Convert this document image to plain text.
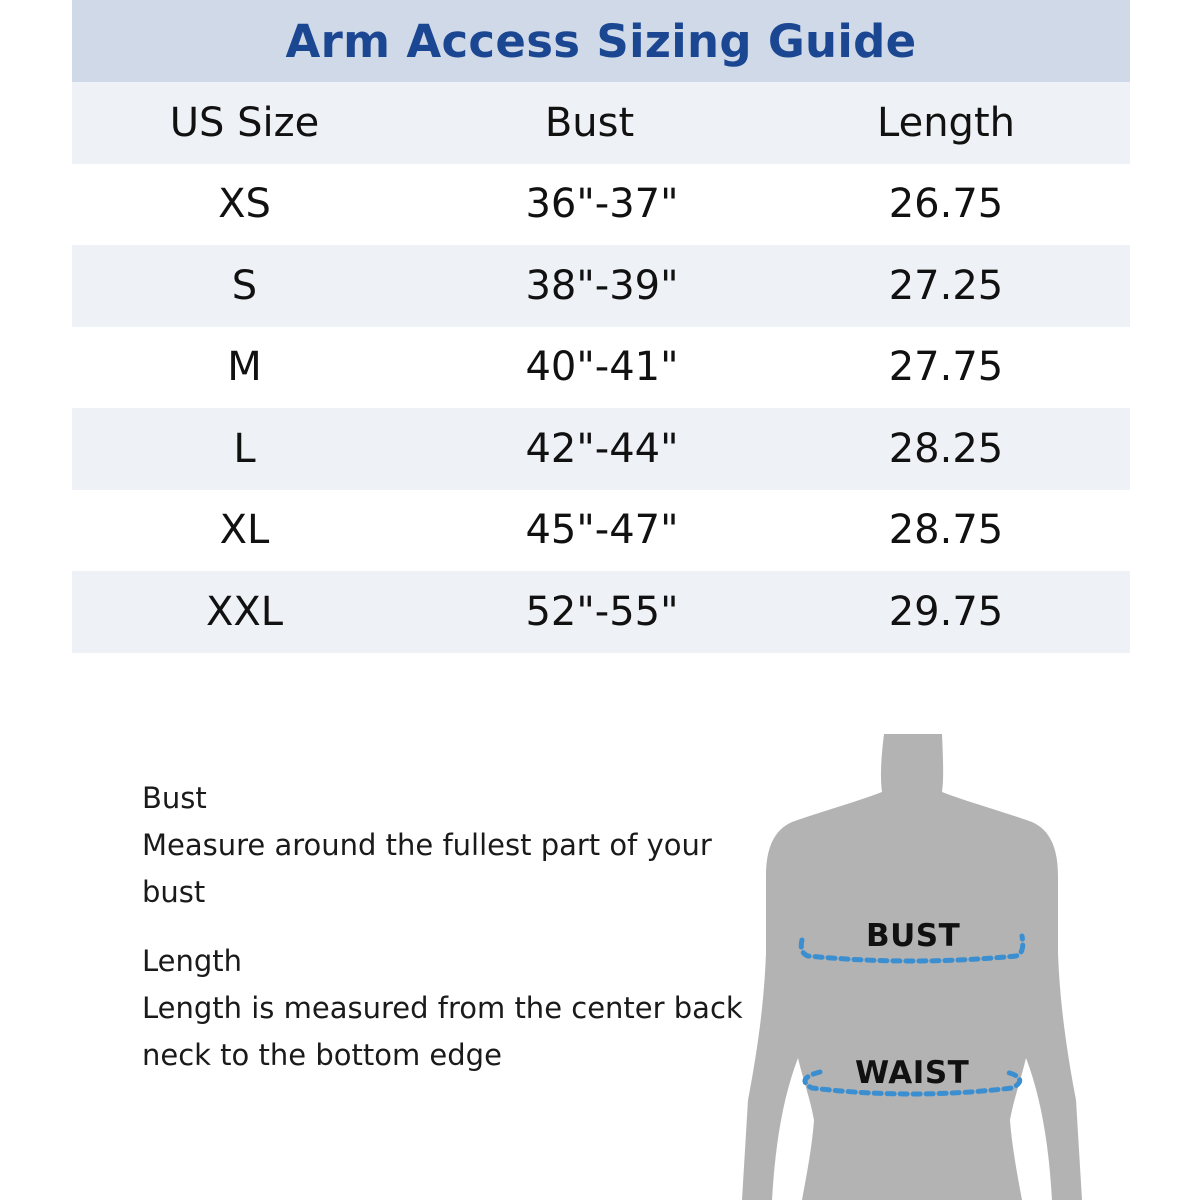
Arm Access Sizing Guide
US Size	Bust	Length
XS	36"-37"	26.75
S	38"-39"	27.25
M	40"-41"	27.75
L	42"-44"	28.25
XL	45"-47"	28.75
XXL	52"-55"	29.75

Bust
Measure around the fullest part of your bust

Length
Length is measured from the center back neck to the bottom edge

BUST
WAIST
